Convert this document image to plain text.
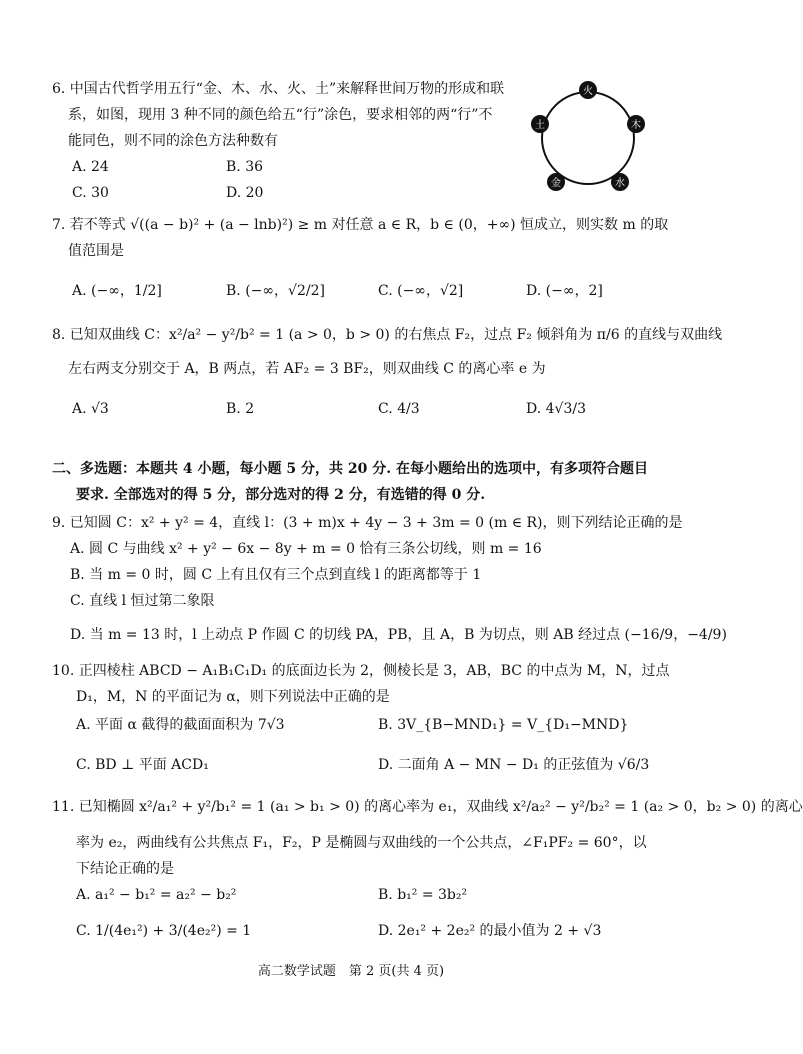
6. 中国古代哲学用五行“金、木、水、火、土”来解释世间万物的形成和联
系，如图，现用 3 种不同的颜色给五“行”涂色，要求相邻的两“行”不
能同色，则不同的涂色方法种数有
A. 24	B. 36
C. 30	D. 20
火
木
水
金
土
7. 若不等式 √((a − b)² + (a − lnb)²) ≥ m 对任意 a ∈ R，b ∈ (0，+∞) 恒成立，则实数 m 的取
值范围是
A. (−∞，1/2]	B. (−∞，√2/2]	C. (−∞，√2]	D. (−∞，2]
8. 已知双曲线 C：x²/a² − y²/b² = 1 (a > 0，b > 0) 的右焦点 F₂，过点 F₂ 倾斜角为 π/6 的直线与双曲线
左右两支分别交于 A，B 两点，若 AF₂ = 3 BF₂，则双曲线 C 的离心率 e 为
A. √3	B. 2	C. 4/3	D. 4√3/3
二、多选题：本题共 4 小题，每小题 5 分，共 20 分. 在每小题给出的选项中，有多项符合题目
要求. 全部选对的得 5 分，部分选对的得 2 分，有选错的得 0 分.
9. 已知圆 C：x² + y² = 4，直线 l：(3 + m)x + 4y − 3 + 3m = 0 (m ∈ R)，则下列结论正确的是
A. 圆 C 与曲线 x² + y² − 6x − 8y + m = 0 恰有三条公切线，则 m = 16
B. 当 m = 0 时，圆 C 上有且仅有三个点到直线 l 的距离都等于 1
C. 直线 l 恒过第二象限
D. 当 m = 13 时，l 上动点 P 作圆 C 的切线 PA，PB，且 A，B 为切点，则 AB 经过点 (−16/9，−4/9)
10. 正四棱柱 ABCD − A₁B₁C₁D₁ 的底面边长为 2，侧棱长是 3，AB，BC 的中点为 M，N，过点
D₁，M，N 的平面记为 α，则下列说法中正确的是
A. 平面 α 截得的截面面积为 7√3	B. 3V_{B−MND₁} = V_{D₁−MND}
C. BD ⊥ 平面 ACD₁	D. 二面角 A − MN − D₁ 的正弦值为 √6/3
11. 已知椭圆 x²/a₁² + y²/b₁² = 1 (a₁ > b₁ > 0) 的离心率为 e₁，双曲线 x²/a₂² − y²/b₂² = 1 (a₂ > 0，b₂ > 0) 的离心
率为 e₂，两曲线有公共焦点 F₁，F₂，P 是椭圆与双曲线的一个公共点，∠F₁PF₂ = 60°，以
下结论正确的是
A. a₁² − b₁² = a₂² − b₂²	B. b₁² = 3b₂²
C. 1/(4e₁²) + 3/(4e₂²) = 1	D. 2e₁² + 2e₂² 的最小值为 2 + √3
高二数学试题　第 2 页(共 4 页)
